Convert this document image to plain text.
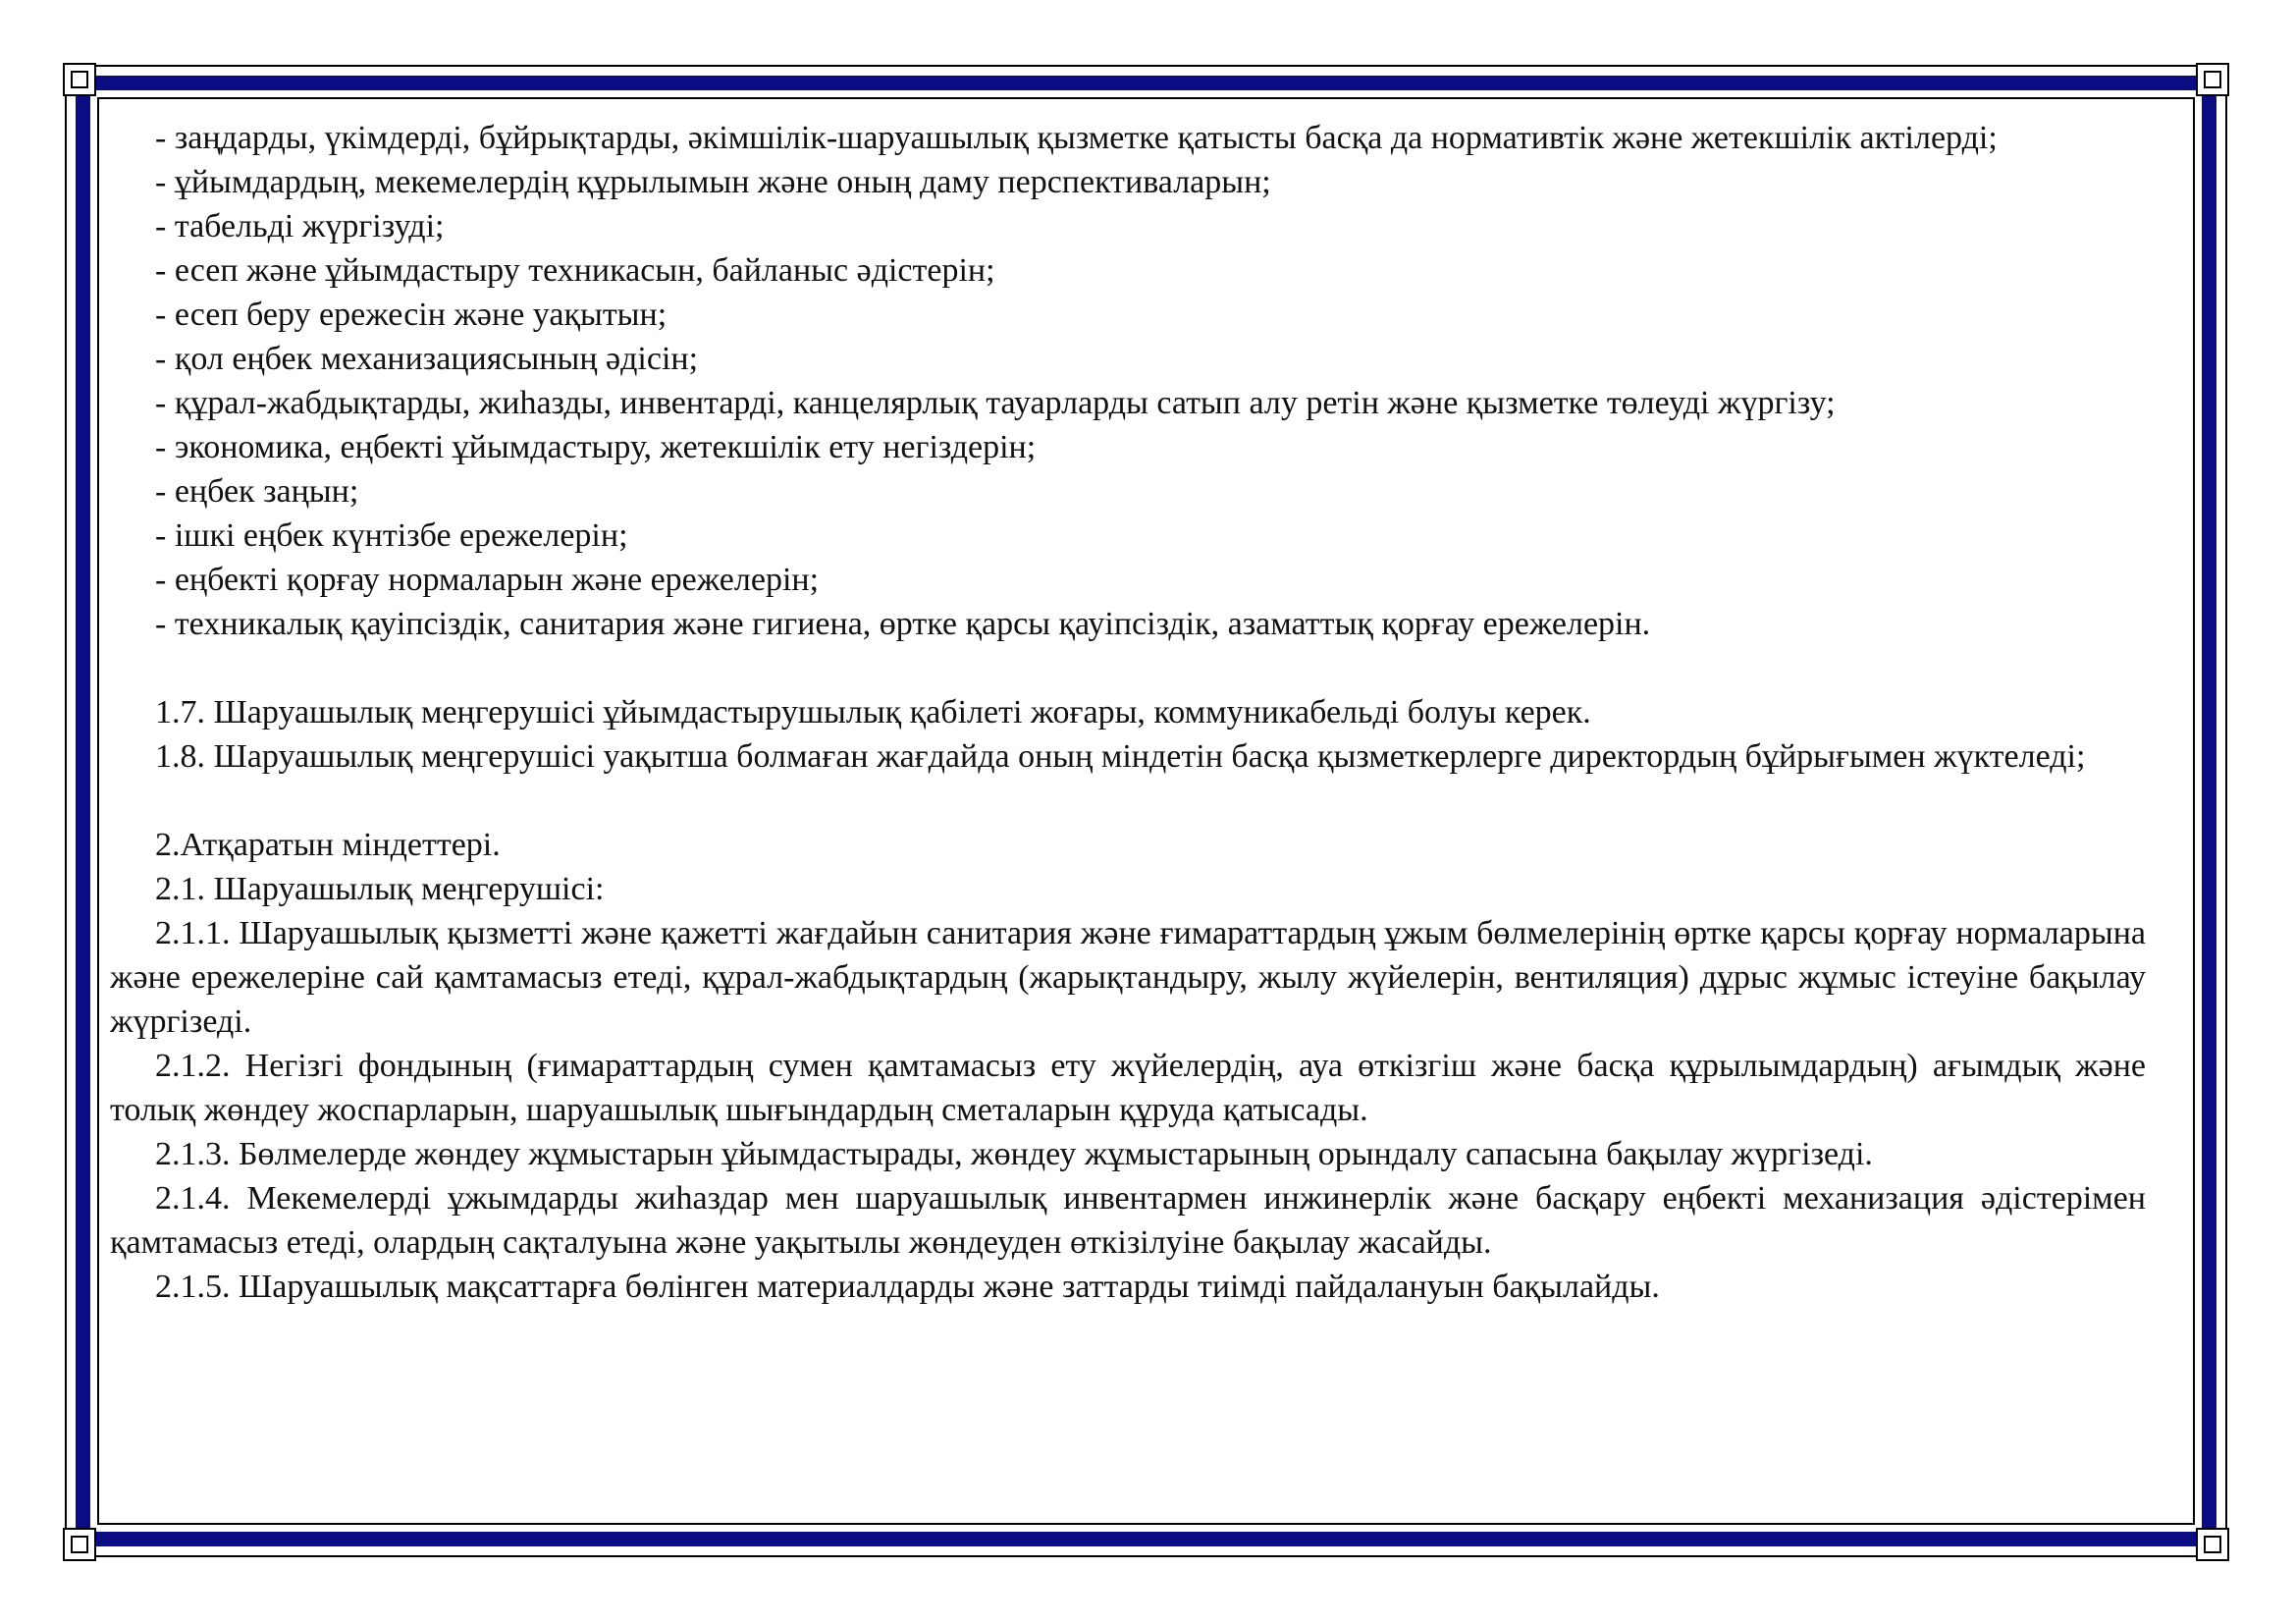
- заңдарды, үкімдерді, бұйрықтарды, әкімшілік-шаруашылық қызметке қатысты басқа да нормативтік және жетекшілік актілерді;

- ұйымдардың, мекемелердің құрылымын және оның даму перспективаларын;

- табельді жүргізуді;

- есеп және ұйымдастыру техникасын, байланыс әдістерін;

- есеп беру ережесін және уақытын;

- қол еңбек механизациясының әдісін;

- құрал-жабдықтарды, жиһазды, инвентарді, канцелярлық тауарларды сатып алу ретін және қызметке төлеуді жүргізу;

- экономика, еңбекті ұйымдастыру, жетекшілік ету негіздерін;

- еңбек заңын;

- ішкі еңбек күнтізбе ережелерін;

- еңбекті қорғау нормаларын және ережелерін;

- техникалық қауіпсіздік, санитария және гигиена, өртке қарсы қауіпсіздік, азаматтық қорғау ережелерін.

1.7. Шаруашылық меңгерушісі ұйымдастырушылық қабілеті жоғары, коммуникабельді болуы керек.

1.8. Шаруашылық меңгерушісі уақытша болмаған жағдайда оның міндетін басқа қызметкерлерге директордың бұйрығымен жүктеледі;

2.Атқаратын міндеттері.

2.1. Шаруашылық меңгерушісі:

2.1.1. Шаруашылық қызметті және қажетті жағдайын санитария және ғимараттардың ұжым бөлмелерінің өртке қарсы қорғау нормаларына және ережелеріне сай қамтамасыз етеді, құрал-жабдықтардың (жарықтандыру, жылу жүйелерін, вентиляция) дұрыс жұмыс істеуіне бақылау жүргізеді.

2.1.2. Негізгі фондының (ғимараттардың сумен қамтамасыз ету жүйелердің, ауа өткізгіш және басқа құрылымдардың) ағымдық және толық жөндеу жоспарларын, шаруашылық шығындардың сметаларын құруда қатысады.

2.1.3. Бөлмелерде жөндеу жұмыстарын ұйымдастырады, жөндеу жұмыстарының орындалу сапасына бақылау жүргізеді.

2.1.4. Мекемелерді ұжымдарды жиһаздар мен шаруашылық инвентармен инжинерлік және басқару еңбекті механизация әдістерімен қамтамасыз етеді, олардың сақталуына және уақытылы жөндеуден өткізілуіне бақылау жасайды.

2.1.5. Шаруашылық мақсаттарға бөлінген материалдарды және заттарды тиімді пайдалануын бақылайды.
